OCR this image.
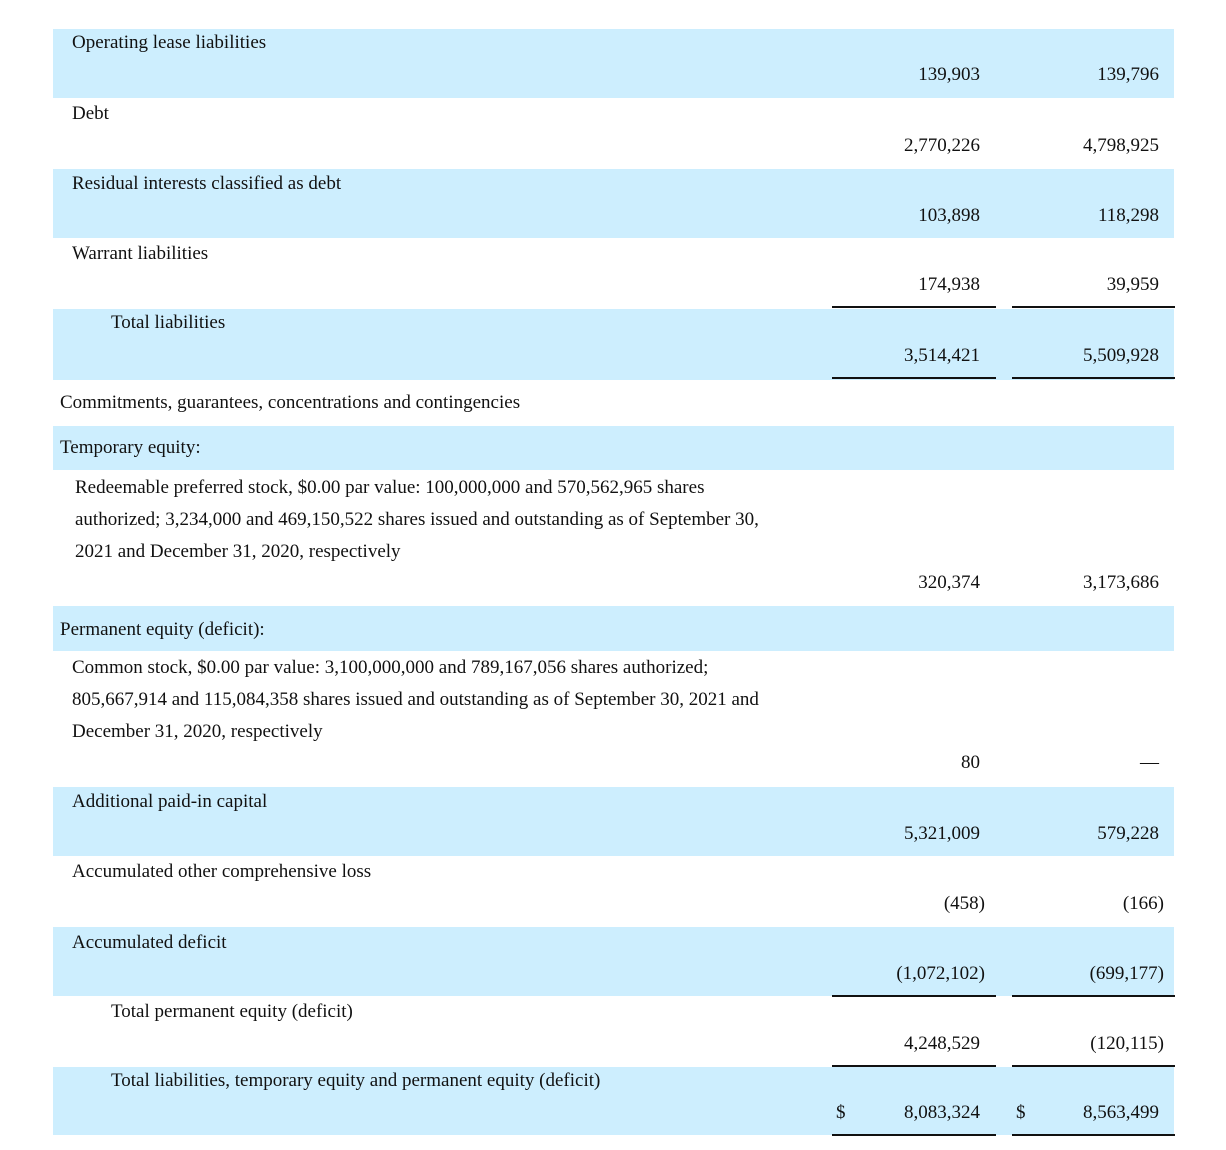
Operating lease liabilities
139,903	139,796
Debt
2,770,226	4,798,925
Residual interests classified as debt
103,898	118,298
Warrant liabilities
174,938	39,959
Total liabilities
3,514,421	5,509,928
Commitments, guarantees, concentrations and contingencies
Temporary equity:
Redeemable preferred stock, $0.00 par value: 100,000,000 and 570,562,965 shares
authorized; 3,234,000 and 469,150,522 shares issued and outstanding as of September 30,
2021 and December 31, 2020, respectively
320,374	3,173,686
Permanent equity (deficit):
Common stock, $0.00 par value: 3,100,000,000 and 789,167,056 shares authorized;
805,667,914 and 115,084,358 shares issued and outstanding as of September 30, 2021 and
December 31, 2020, respectively
80	—
Additional paid-in capital
5,321,009	579,228
Accumulated other comprehensive loss
(458)	(166)
Accumulated deficit
(1,072,102)	(699,177)
Total permanent equity (deficit)
4,248,529	(120,115)
Total liabilities, temporary equity and permanent equity (deficit)
$	8,083,324 $	8,563,499
